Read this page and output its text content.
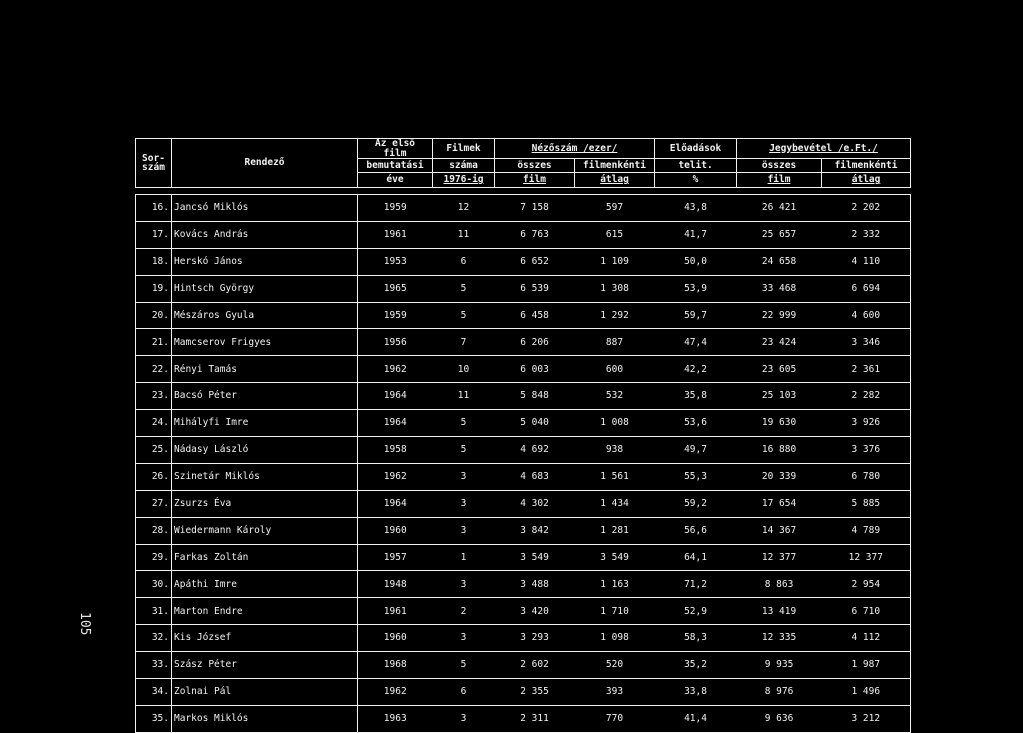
Sor-
szám	Rendező	Az első film	Filmek	Nézőszám /ezer/		Előadások	Jegybevétel /e.Ft./	
		bemutatási	száma	összes	filmenkénti	telit.	összes	filmenkénti
		éve	1976-ig	film	átlag	%	film	átlag

16.	Jancsó Miklós	1959	12	7 158	597	43,8	26 421	2 202
17.	Kovács András	1961	11	6 763	615	41,7	25 657	2 332
18.	Herskó János	1953	6	6 652	1 109	50,0	24 658	4 110
19.	Hintsch György	1965	5	6 539	1 308	53,9	33 468	6 694
20.	Mészáros Gyula	1959	5	6 458	1 292	59,7	22 999	4 600
21.	Mamcserov Frigyes	1956	7	6 206	887	47,4	23 424	3 346
22.	Rényi Tamás	1962	10	6 003	600	42,2	23 605	2 361
23.	Bacsó Péter	1964	11	5 848	532	35,8	25 103	2 282
24.	Mihályfi Imre	1964	5	5 040	1 008	53,6	19 630	3 926
25.	Nádasy László	1958	5	4 692	938	49,7	16 880	3 376
26.	Szinetár Miklós	1962	3	4 683	1 561	55,3	20 339	6 780
27.	Zsurzs Éva	1964	3	4 302	1 434	59,2	17 654	5 885
28.	Wiedermann Károly	1960	3	3 842	1 281	56,6	14 367	4 789
29.	Farkas Zoltán	1957	1	3 549	3 549	64,1	12 377	12 377
30.	Apáthi Imre	1948	3	3 488	1 163	71,2	8 863	2 954
31.	Marton Endre	1961	2	3 420	1 710	52,9	13 419	6 710
32.	Kis József	1960	3	3 293	1 098	58,3	12 335	4 112
33.	Szász Péter	1968	5	2 602	520	35,2	9 935	1 987
34.	Zolnai Pál	1962	6	2 355	393	33,8	8 976	1 496
35.	Markos Miklós	1963	3	2 311	770	41,4	9 636	3 212
105
